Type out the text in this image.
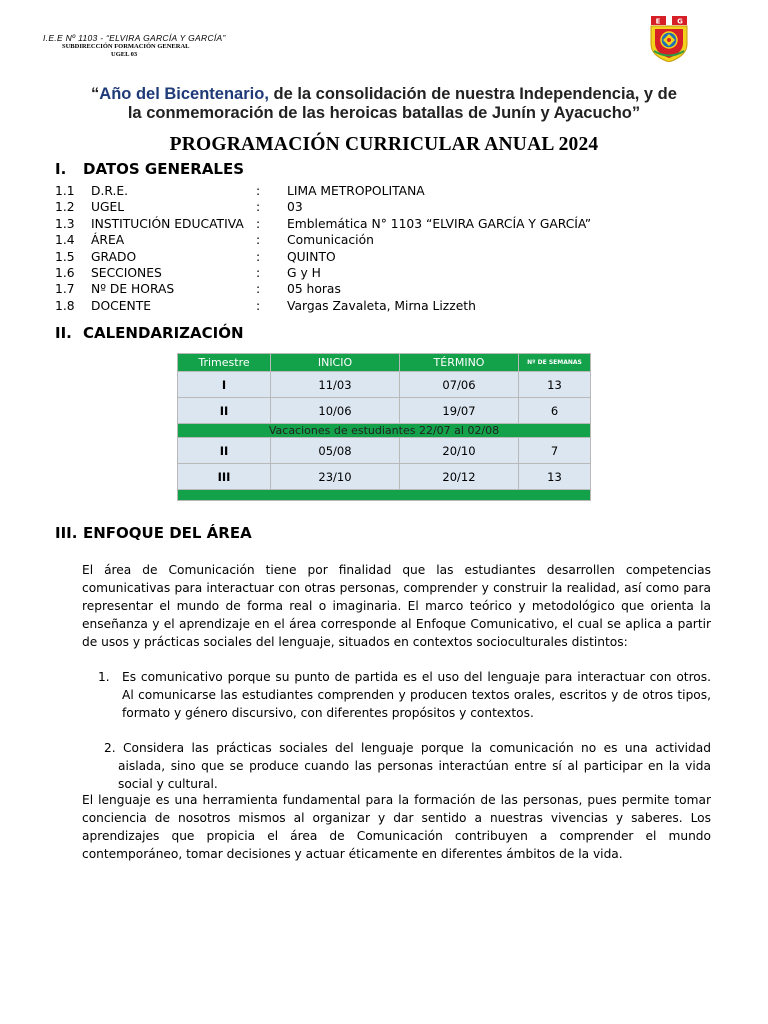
I.E.E Nº 1103 - “ELVIRA GARCÍA Y GARCÍA”
SUBDIRECCIÓN FORMACIÓN GENERAL
UGEL 03
E G
“Año del Bicentenario, de la consolidación de nuestra Independencia, y de
la conmemoración de las heroicas batallas de Junín y Ayacucho”
PROGRAMACIÓN CURRICULAR ANUAL 2024
I. DATOS GENERALES
1.1 D.R.E.	: LIMA METROPOLITANA
1.2 UGEL	: 03
1.3 INSTITUCIÓN EDUCATIVA : Emblemática N° 1103 “ELVIRA GARCÍA Y GARCÍA”
1.4 ÁREA	: Comunicación
1.5 GRADO	: QUINTO
1.6 SECCIONES	: G y H
1.7 Nº DE HORAS	: 05 horas
1.8 DOCENTE	: Vargas Zavaleta, Mirna Lizzeth
II. CALENDARIZACIÓN
Trimestre	INICIO	TÉRMINO	Nº DE SEMANAS
I	11/03	07/06	13
II	10/06	19/07	6
Vacaciones de estudiantes 22/07 al 02/08			
II	05/08	20/10	7
III	23/10	20/12	13

III. ENFOQUE DEL ÁREA
El área de Comunicación tiene por finalidad que las estudiantes desarrollen competencias comunicativas para interactuar con otras personas, comprender y construir la realidad, así como para representar el mundo de forma real o imaginaria. El marco teórico y metodológico que orienta la enseñanza y el aprendizaje en el área corresponde al Enfoque Comunicativo, el cual se aplica a partir de usos y prácticas sociales del lenguaje, situados en contextos socioculturales distintos:
1. Es comunicativo porque su punto de partida es el uso del lenguaje para interactuar con otros. Al comunicarse las estudiantes comprenden y producen textos orales, escritos y de otros tipos, formato y género discursivo, con diferentes propósitos y contextos.
2. Considera las prácticas sociales del lenguaje porque la comunicación no es una actividad aislada, sino que se produce cuando las personas interactúan entre sí al participar en la vida social y cultural.
El lenguaje es una herramienta fundamental para la formación de las personas, pues permite tomar conciencia de nosotros mismos al organizar y dar sentido a nuestras vivencias y saberes. Los aprendizajes que propicia el área de Comunicación contribuyen a comprender el mundo contemporáneo, tomar decisiones y actuar éticamente en diferentes ámbitos de la vida.
